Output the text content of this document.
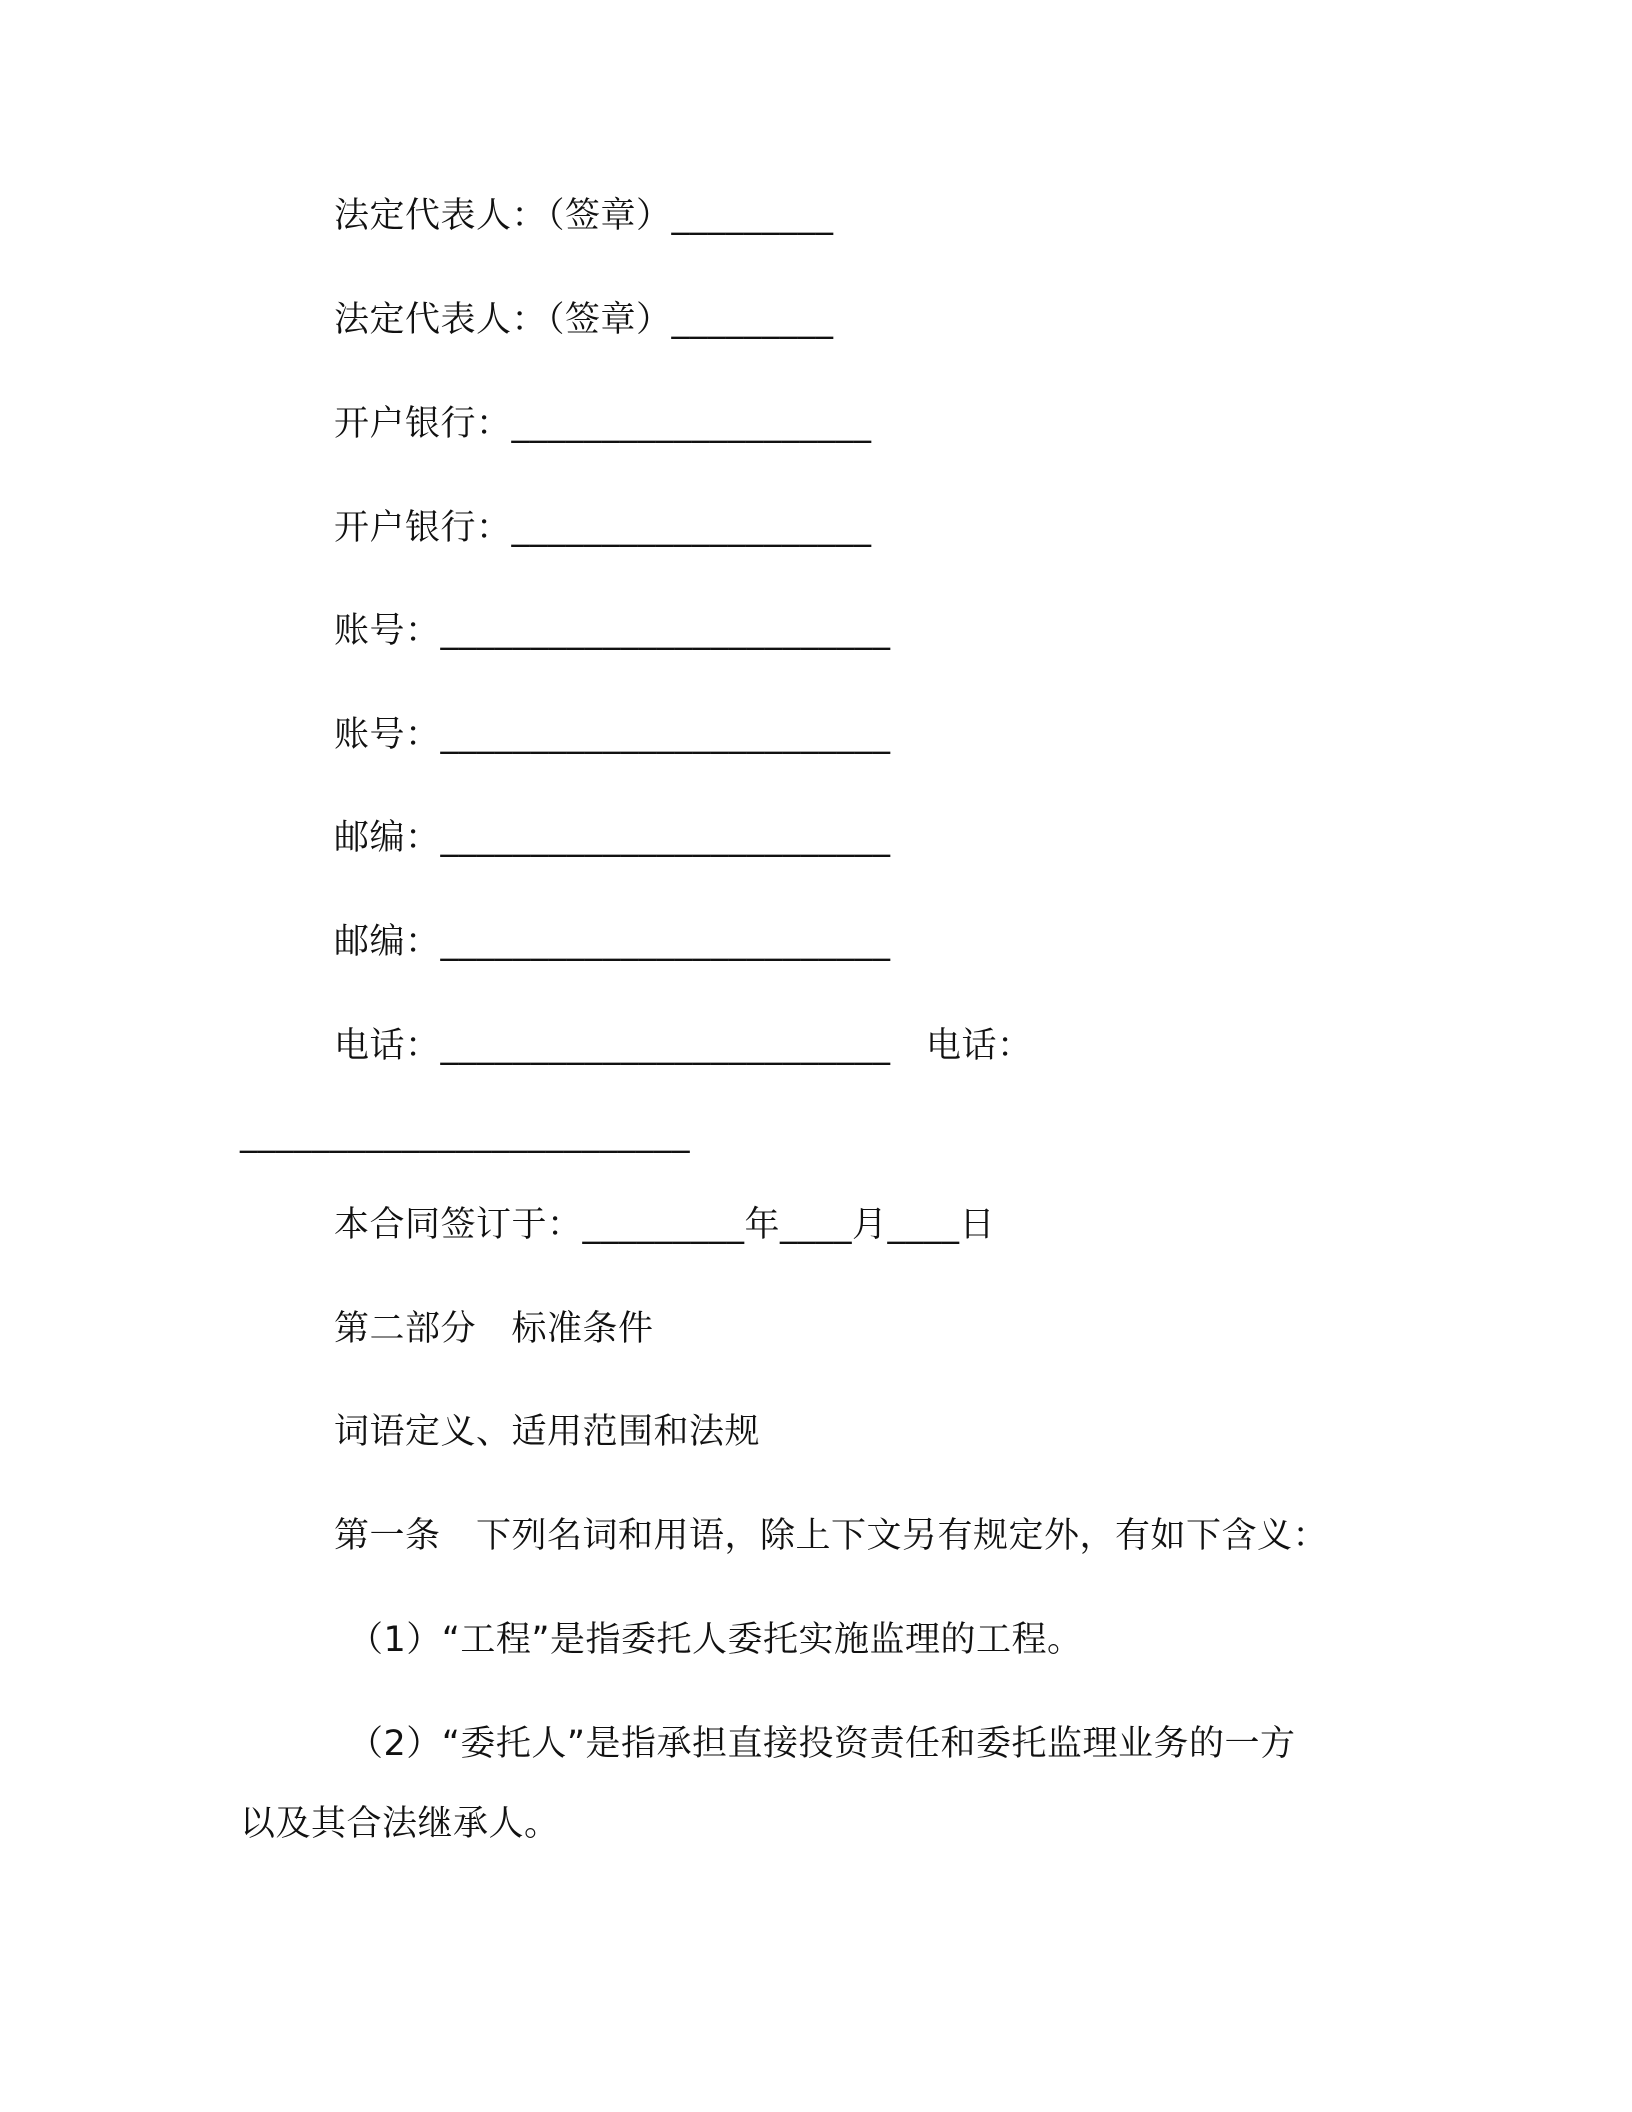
法定代表人：（签章）_________
法定代表人：（签章）_________
开户银行：____________________
开户银行：____________________
账号：_________________________
账号：_________________________
邮编：_________________________
邮编：_________________________
电话：_________________________　电话：
_________________________
本合同签订于：_________年____月____日
第二部分　标准条件
词语定义、适用范围和法规
第一条　下列名词和用语，除上下文另有规定外，有如下含义：
（1）“工程”是指委托人委托实施监理的工程。
（2）“委托人”是指承担直接投资责任和委托监理业务的一方
以及其合法继承人。
